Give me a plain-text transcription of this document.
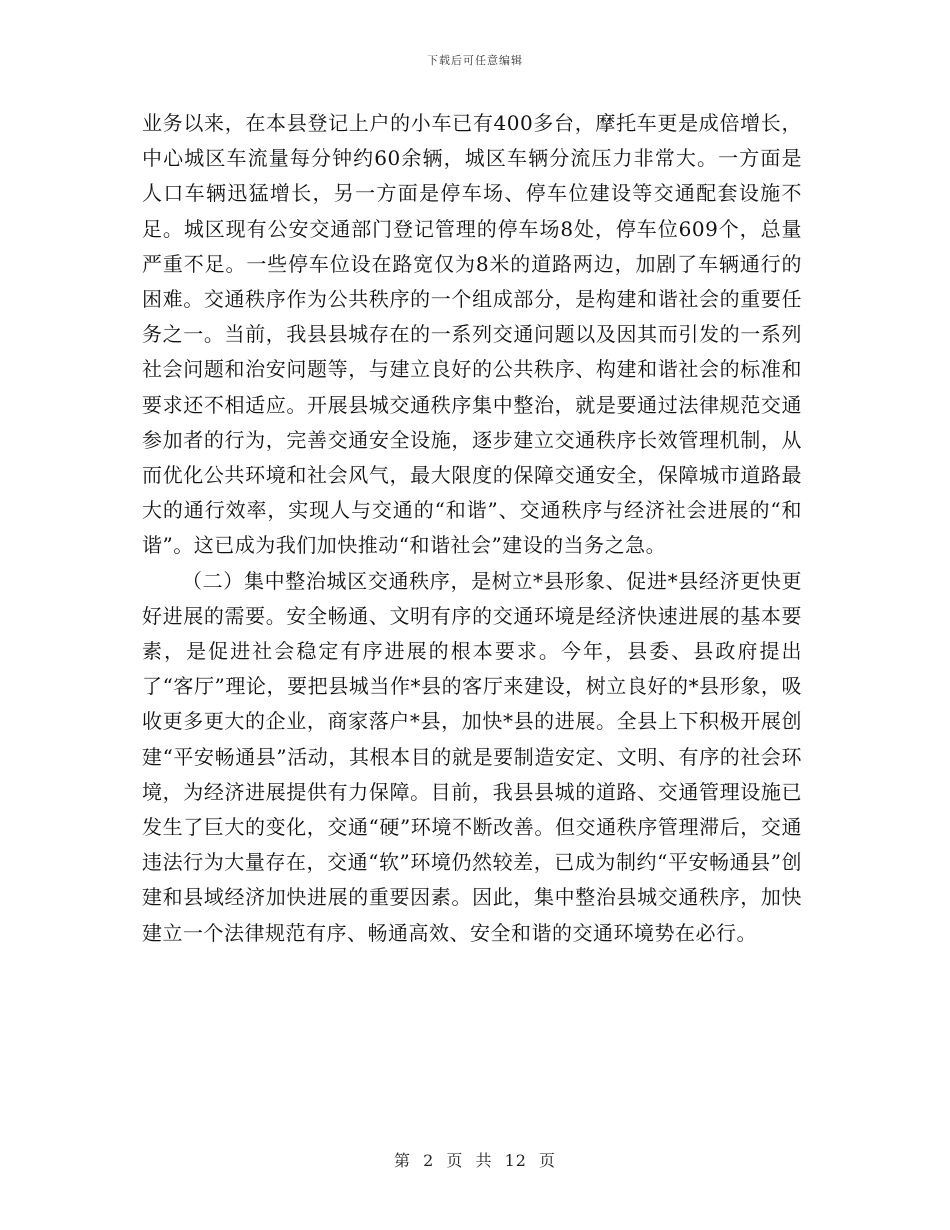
下载后可任意编辑

业务以来，在本县登记上户的小车已有400多台，摩托车更是成倍增长，中心城区车流量每分钟约60余辆，城区车辆分流压力非常大。一方面是人口车辆迅猛增长，另一方面是停车场、停车位建设等交通配套设施不足。城区现有公安交通部门登记管理的停车场8处，停车位609个，总量严重不足。一些停车位设在路宽仅为8米的道路两边，加剧了车辆通行的困难。交通秩序作为公共秩序的一个组成部分，是构建和谐社会的重要任务之一。当前，我县县城存在的一系列交通问题以及因其而引发的一系列社会问题和治安问题等，与建立良好的公共秩序、构建和谐社会的标准和要求还不相适应。开展县城交通秩序集中整治，就是要通过法律规范交通参加者的行为，完善交通安全设施，逐步建立交通秩序长效管理机制，从而优化公共环境和社会风气，最大限度的保障交通安全，保障城市道路最大的通行效率，实现人与交通的“和谐”、交通秩序与经济社会进展的“和谐”。这已成为我们加快推动“和谐社会”建设的当务之急。

（二）集中整治城区交通秩序，是树立*县形象、促进*县经济更快更好进展的需要。安全畅通、文明有序的交通环境是经济快速进展的基本要素，是促进社会稳定有序进展的根本要求。今年，县委、县政府提出了“客厅”理论，要把县城当作*县的客厅来建设，树立良好的*县形象，吸收更多更大的企业，商家落户*县，加快*县的进展。全县上下积极开展创建“平安畅通县”活动，其根本目的就是要制造安定、文明、有序的社会环境，为经济进展提供有力保障。目前，我县县城的道路、交通管理设施已发生了巨大的变化，交通“硬”环境不断改善。但交通秩序管理滞后，交通违法行为大量存在，交通“软”环境仍然较差，已成为制约“平安畅通县”创建和县域经济加快进展的重要因素。因此，集中整治县城交通秩序，加快建立一个法律规范有序、畅通高效、安全和谐的交通环境势在必行。

第 2 页 共 12 页
